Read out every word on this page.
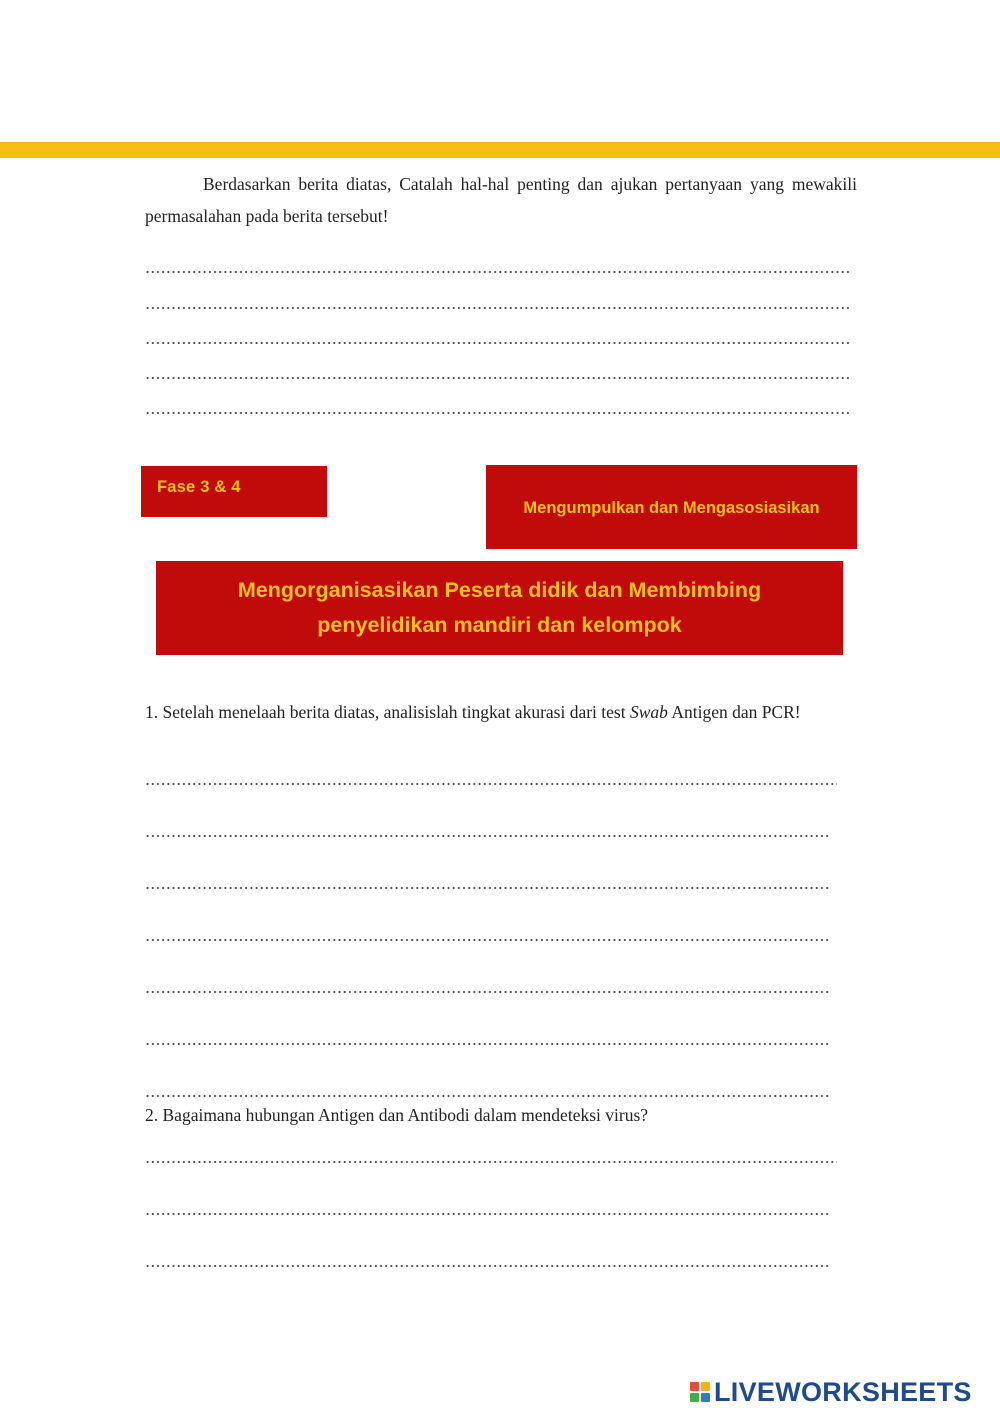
Berdasarkan berita diatas, Catalah hal-hal penting dan ajukan pertanyaan yang mewakili permasalahan pada berita tersebut!

Fase 3 & 4
Mengumpulkan dan Mengasosiasikan
Mengorganisasikan Peserta didik dan Membimbing
penyelidikan mandiri dan kelompok
1. Setelah menelaah berita diatas, analisislah tingkat akurasi dari test Swab Antigen dan PCR!
2. Bagaimana hubungan Antigen dan Antibodi dalam mendeteksi virus?
LIVEWORKSHEETS
